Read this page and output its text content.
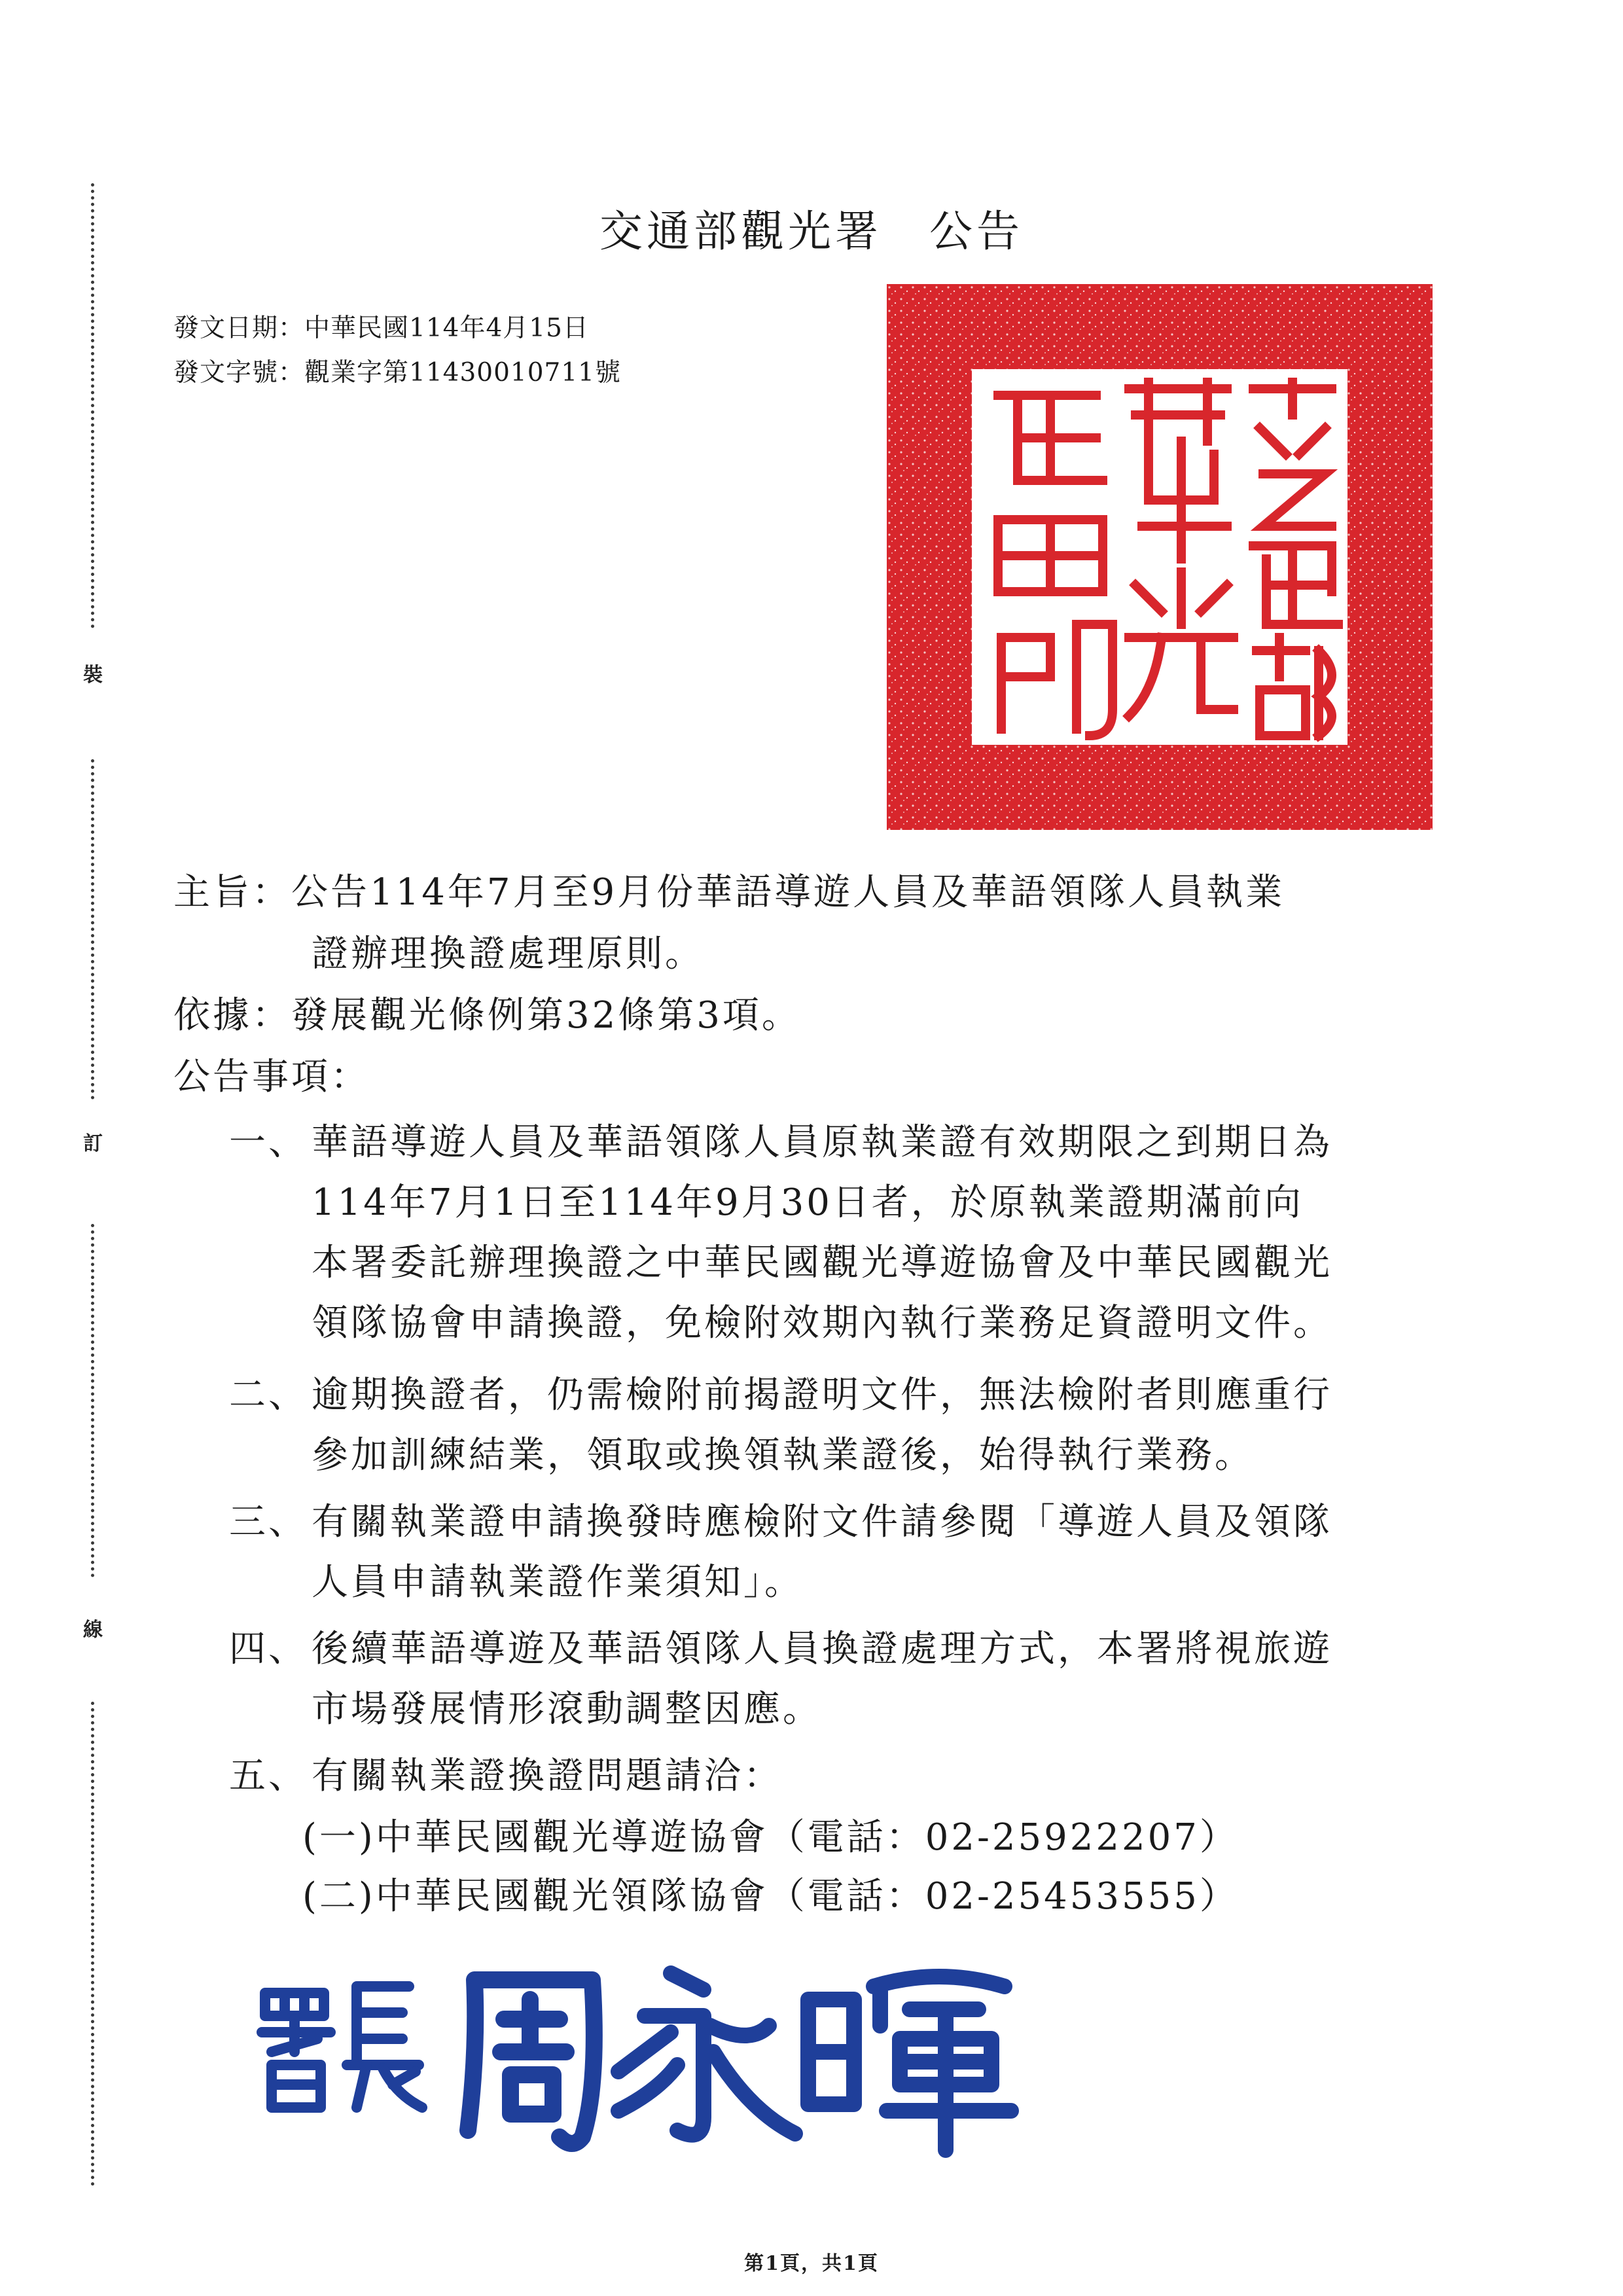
裝
訂
線
交通部觀光署　公告
發文日期：中華民國114年4月15日
發文字號：觀業字第11430010711號
主旨：公告114年7月至9月份華語導遊人員及華語領隊人員執業
證辦理換證處理原則。
依據：發展觀光條例第32條第3項。
公告事項：
一、 華語導遊人員及華語領隊人員原執業證有效期限之到期日為
114年7月1日至114年9月30日者，於原執業證期滿前向
本署委託辦理換證之中華民國觀光導遊協會及中華民國觀光
領隊協會申請換證，免檢附效期內執行業務足資證明文件。
二、 逾期換證者，仍需檢附前揭證明文件，無法檢附者則應重行
參加訓練結業，領取或換領執業證後，始得執行業務。
三、 有關執業證申請換發時應檢附文件請參閱「導遊人員及領隊
人員申請執業證作業須知」。
四、 後續華語導遊及華語領隊人員換證處理方式，本署將視旅遊
市場發展情形滾動調整因應。
五、 有關執業證換證問題請洽：
(一)中華民國觀光導遊協會（電話：02-25922207）
(二)中華民國觀光領隊協會（電話：02-25453555）
第1頁，共1頁
